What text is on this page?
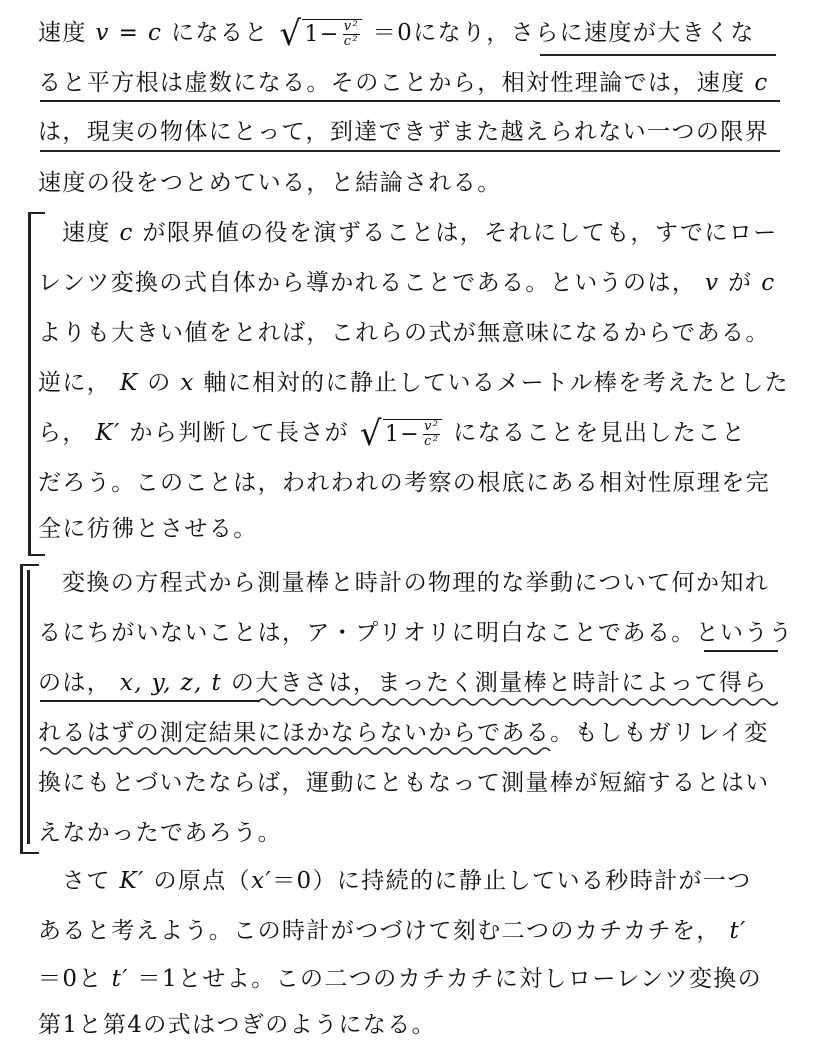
速度 v = c になると $√1- \frac{\text{v²}}{\text{c²}} =0$になり，さらに速度が大きくな
ると平方根は虚数になる。そのことから，相対性理論では，速度 c
は，現実の物体にとって，到達できずまた越えられない一つの限界
速度の役をつとめている，と結論される。
速度 c が限界値の役を演ずることは，それにしても，すでにロー
レンツ変換の式自体から導かれることである。というのは， v が c
よりも大きい値をとれば，これらの式が無意味になるからである。
逆に， K の x 軸に相対的に静止しているメートル棒を考えたとした
ら， K′ から判断して長さが $√1- \frac{\text{v²}}{\text{c²}}$ になることを見出したこと
だろう。このことは，われわれの考察の根底にある相対性原理を完
全に彷彿とさせる。
変換の方程式から測量棒と時計の物理的な挙動について何か知れ
るにちがいないことは，ア・プリオリに明白なことである。というう
のは， x, y, z, t の大きさは，まったく測量棒と時計によって得ら
れるはずの測定結果にほかならないからである。もしもガリレイ変
換にもとづいたならば，運動にともなって測量棒が短縮するとはい
えなかったであろう。
さて K′ の原点（x′＝0）に持続的に静止している秒時計が一つ
あると考えよう。この時計がつづけて刻む二つのカチカチを， t′
＝0と t′ ＝1とせよ。この二つのカチカチに対しローレンツ変換の
第1と第4の式はつぎのようになる。
